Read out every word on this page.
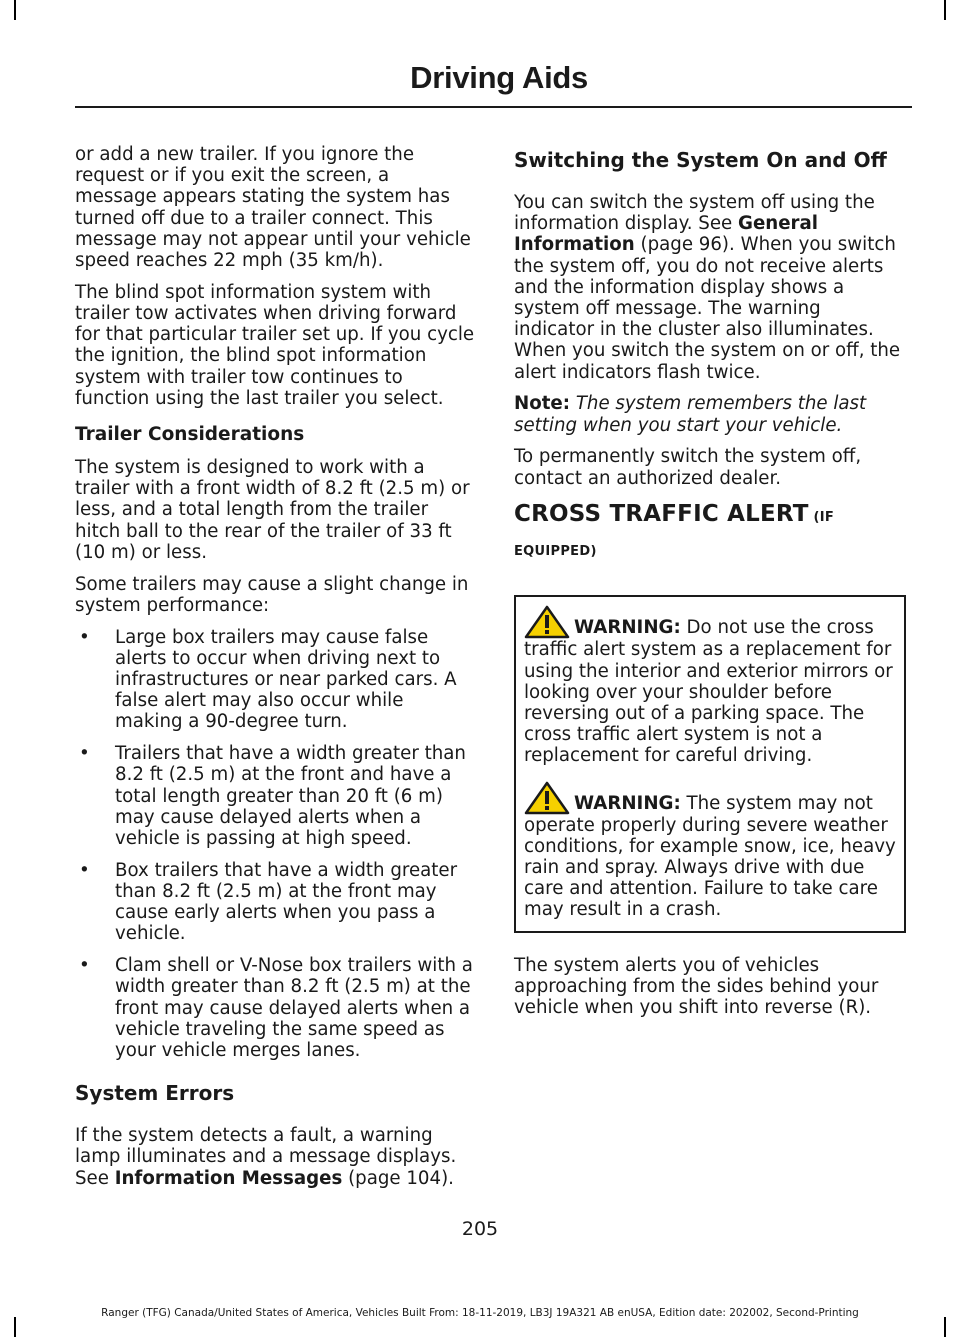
Driving Aids

or add a new trailer. If you ignore the request or if you exit the screen, a message appears stating the system has turned off due to a trailer connect. This message may not appear until your vehicle speed reaches 22 mph (35 km/h).

The blind spot information system with trailer tow activates when driving forward for that particular trailer set up. If you cycle the ignition, the blind spot information system with trailer tow continues to function using the last trailer you select.

Trailer Considerations

The system is designed to work with a trailer with a front width of 8.2 ft (2.5 m) or less, and a total length from the trailer hitch ball to the rear of the trailer of 33 ft (10 m) or less.

Some trailers may cause a slight change in system performance:

• Large box trailers may cause false alerts to occur when driving next to infrastructures or near parked cars. A false alert may also occur while making a 90-degree turn.
• Trailers that have a width greater than 8.2 ft (2.5 m) at the front and have a total length greater than 20 ft (6 m) may cause delayed alerts when a vehicle is passing at high speed.
• Box trailers that have a width greater than 8.2 ft (2.5 m) at the front may cause early alerts when you pass a vehicle.
• Clam shell or V-Nose box trailers with a width greater than 8.2 ft (2.5 m) at the front may cause delayed alerts when a vehicle traveling the same speed as your vehicle merges lanes.
System Errors

If the system detects a fault, a warning lamp illuminates and a message displays. See Information Messages (page 104).

Switching the System On and Off

You can switch the system off using the information display. See General Information (page 96). When you switch the system off, you do not receive alerts and the information display shows a system off message. The warning indicator in the cluster also illuminates. When you switch the system on or off, the alert indicators flash twice.

Note: The system remembers the last setting when you start your vehicle.

To permanently switch the system off, contact an authorized dealer.

CROSS TRAFFIC ALERT (IF EQUIPPED)
WARNING: Do not use the cross traffic alert system as a replacement for using the interior and exterior mirrors or looking over your shoulder before reversing out of a parking space. The cross traffic alert system is not a replacement for careful driving.
WARNING: The system may not operate properly during severe weather conditions, for example snow, ice, heavy rain and spray. Always drive with due care and attention. Failure to take care may result in a crash.

The system alerts you of vehicles approaching from the sides behind your vehicle when you shift into reverse (R).

205
Ranger (TFG) Canada/United States of America, Vehicles Built From: 18-11-2019, LB3J 19A321 AB enUSA, Edition date: 202002, Second-Printing
